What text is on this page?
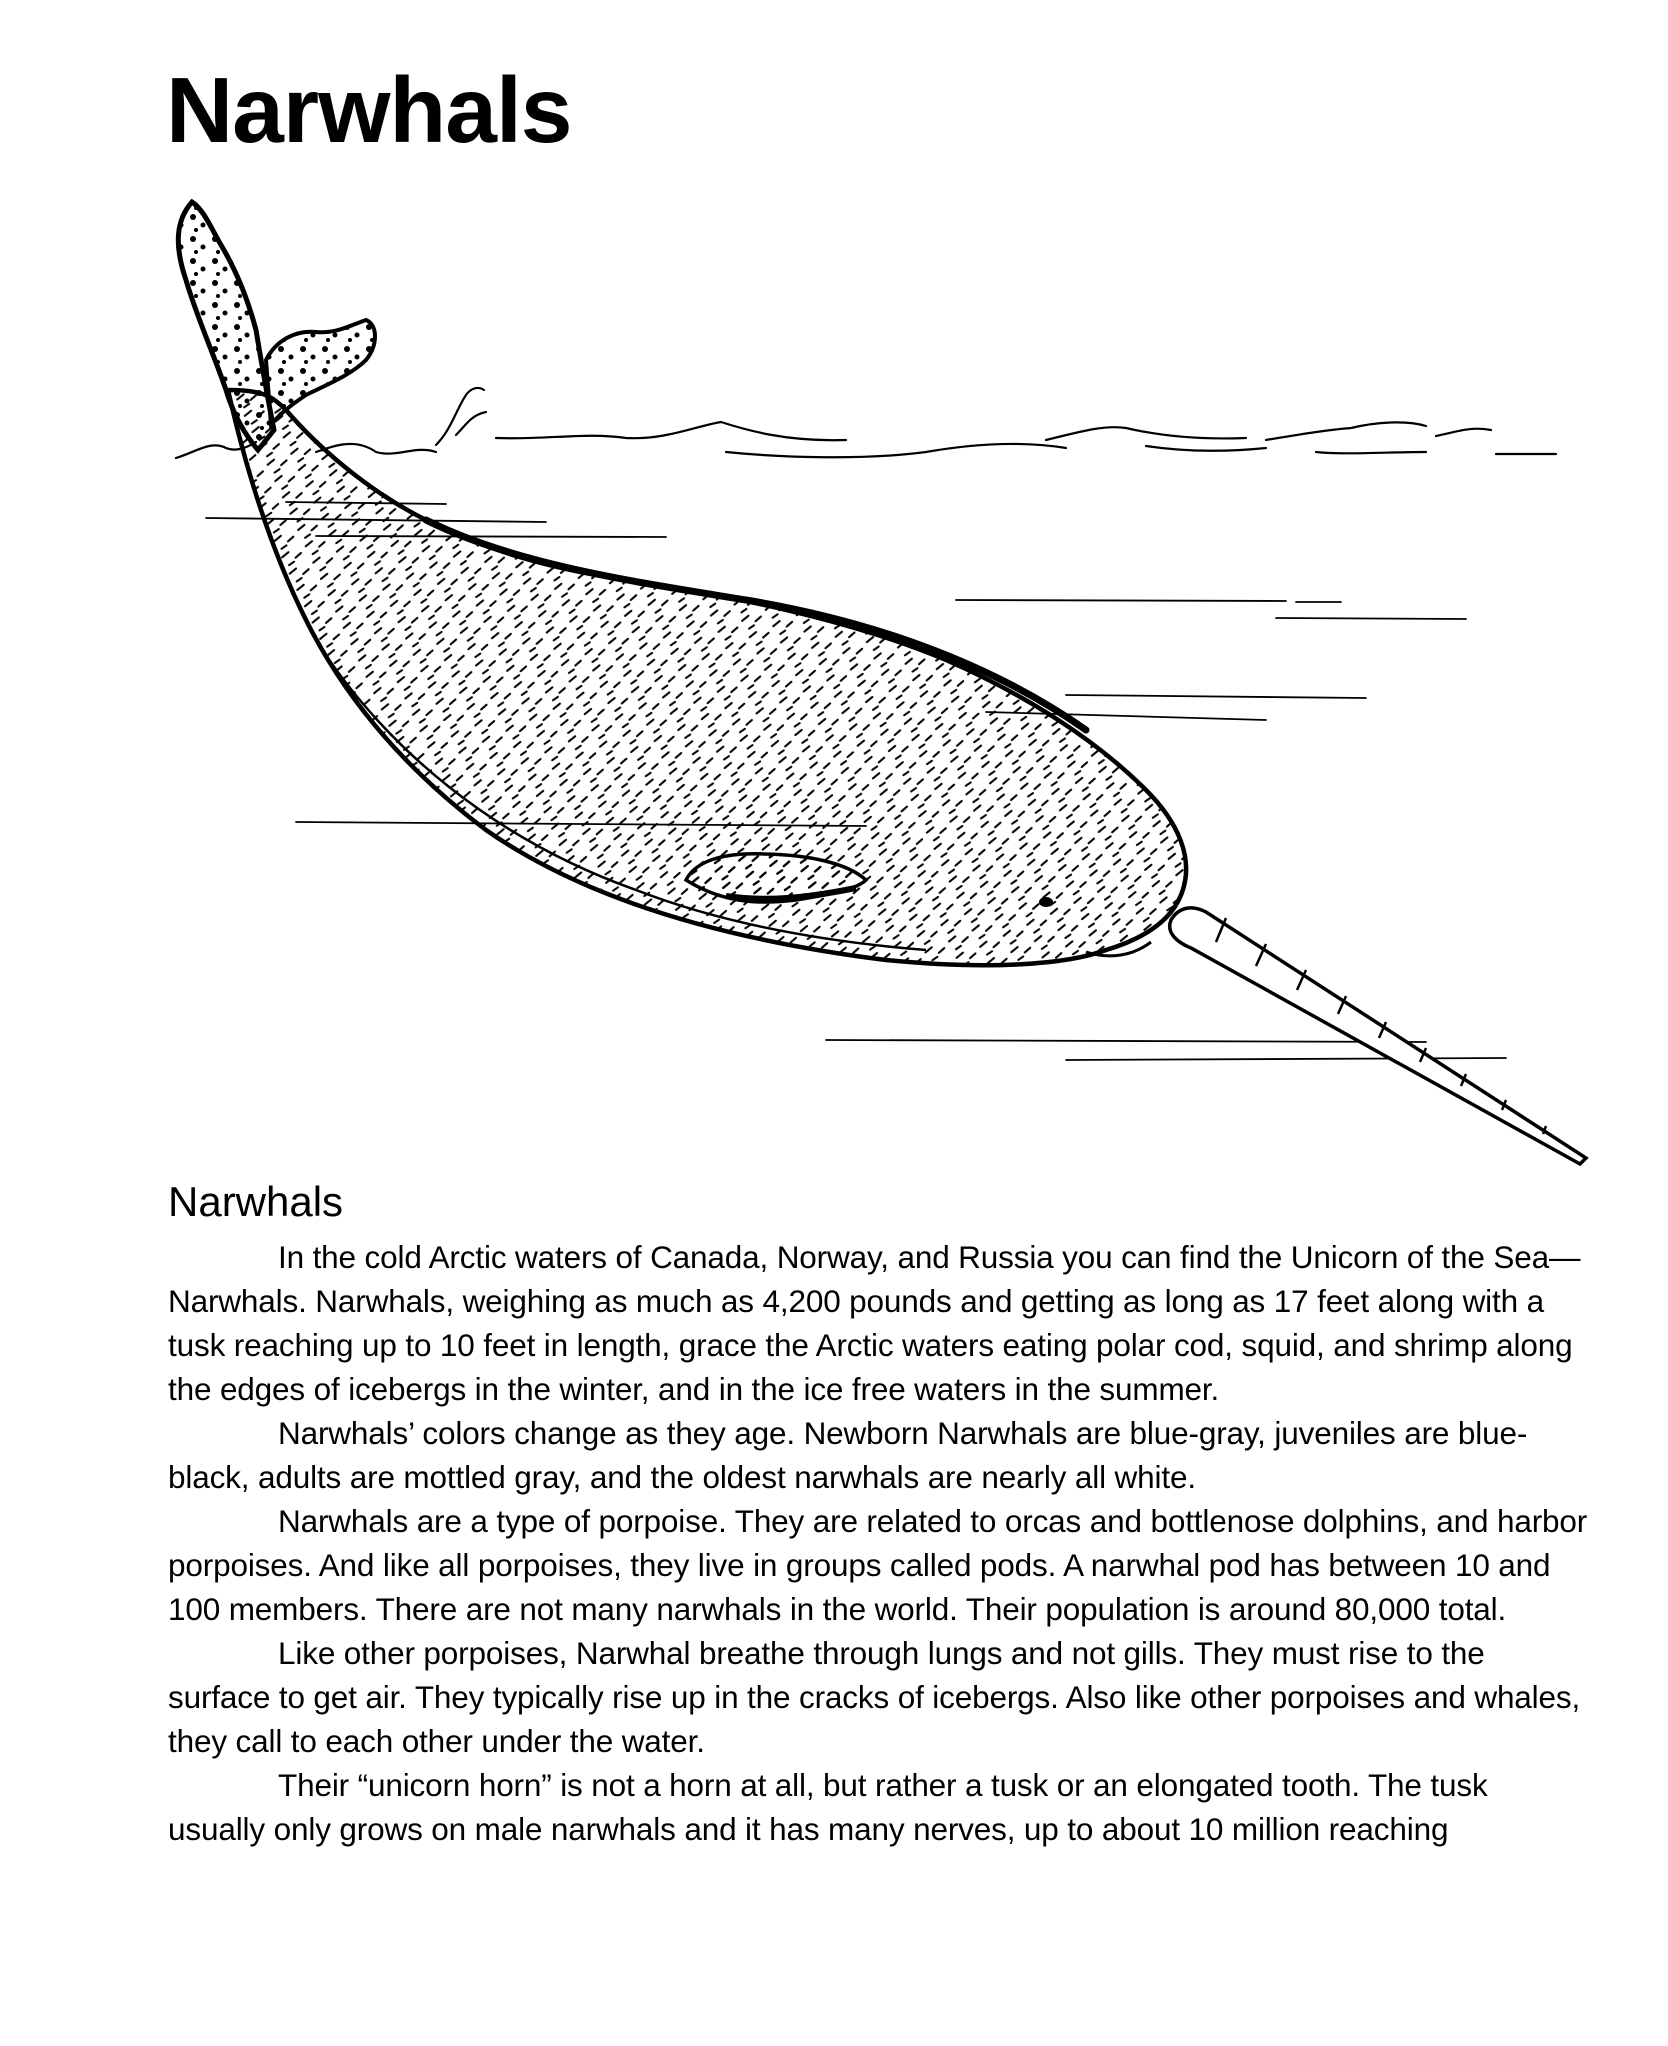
Narwhals
Narwhals

In the cold Arctic waters of Canada, Norway, and Russia you can find the Unicorn of the Sea— Narwhals. Narwhals, weighing as much as 4,200 pounds and getting as long as 17 feet along with a tusk reaching up to 10 feet in length, grace the Arctic waters eating polar cod, squid, and shrimp along the edges of icebergs in the winter, and in the ice free waters in the summer.

Narwhals’ colors change as they age. Newborn Narwhals are blue-gray, juveniles are blue-black, adults are mottled gray, and the oldest narwhals are nearly all white.

Narwhals are a type of porpoise. They are related to orcas and bottlenose dolphins, and harbor porpoises. And like all porpoises, they live in groups called pods. A narwhal pod has between 10 and 100 members. There are not many narwhals in the world. Their population is around 80,000 total.

Like other porpoises, Narwhal breathe through lungs and not gills. They must rise to the surface to get air. They typically rise up in the cracks of icebergs. Also like other porpoises and whales, they call to each other under the water.

Their “unicorn horn” is not a horn at all, but rather a tusk or an elongated tooth. The tusk usually only grows on male narwhals and it has many nerves, up to about 10 million reaching
